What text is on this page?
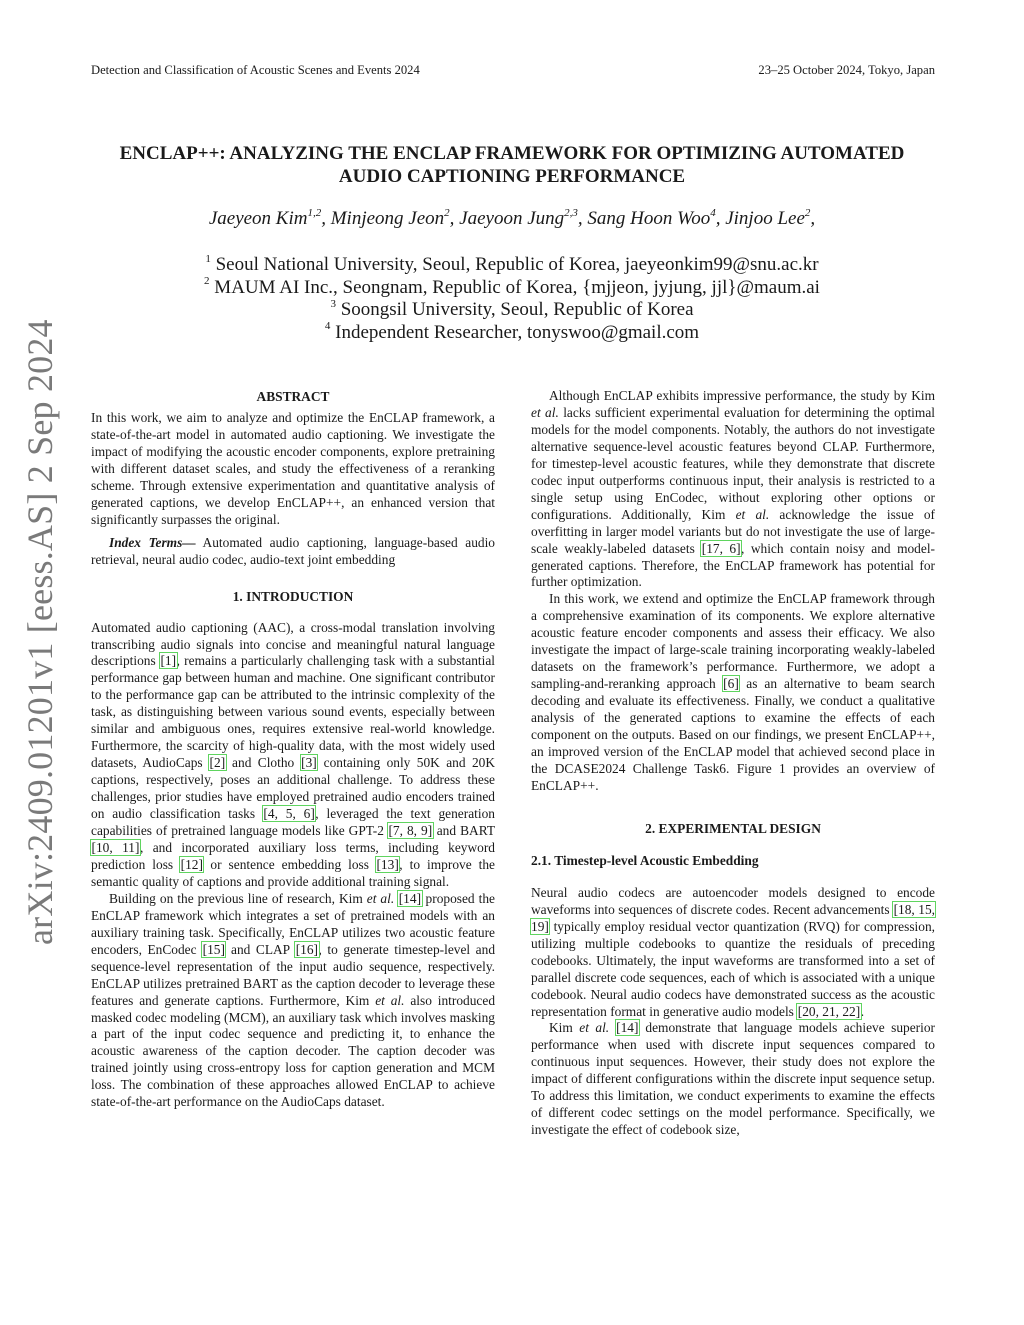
Detection and Classification of Acoustic Scenes and Events 2024	23–25 October 2024, Tokyo, Japan
arXiv:2409.01201v1 [eess.AS] 2 Sep 2024
ENCLAP++: ANALYZING THE ENCLAP FRAMEWORK FOR OPTIMIZING AUTOMATED
AUDIO CAPTIONING PERFORMANCE
Jaeyeon Kim$^{1,2}$, Minjeong Jeon$^2$, Jaeyoon Jung$^{2,3}$, Sang Hoon Woo$^4$, Jinjoo Lee$^2$,
$^1$ Seoul National University, Seoul, Republic of Korea, jaeyeonkim99@snu.ac.kr
$^2$ MAUM AI Inc., Seongnam, Republic of Korea, {mjjeon, jyjung, jjl}@maum.ai
$^3$ Soongsil University, Seoul, Republic of Korea
$^4$ Independent Researcher, tonyswoo@gmail.com
ABSTRACT

In this work, we aim to analyze and optimize the EnCLAP framework, a state-of-the-art model in automated audio captioning. We investigate the impact of modifying the acoustic encoder components, explore pretraining with different dataset scales, and study the effectiveness of a reranking scheme. Through extensive experimentation and quantitative analysis of generated captions, we develop EnCLAP++, an enhanced version that significantly surpasses the original.

Index Terms— Automated audio captioning, language-based audio retrieval, neural audio codec, audio-text joint embedding

1. INTRODUCTION

Automated audio captioning (AAC), a cross-modal translation involving transcribing audio signals into concise and meaningful natural language descriptions [1], remains a particularly challenging task with a substantial performance gap between human and machine. One significant contributor to the performance gap can be attributed to the intrinsic complexity of the task, as distinguishing between various sound events, especially between similar and ambiguous ones, requires extensive real-world knowledge. Furthermore, the scarcity of high-quality data, with the most widely used datasets, AudioCaps [2] and Clotho [3] containing only 50K and 20K captions, respectively, poses an additional challenge. To address these challenges, prior studies have employed pretrained audio encoders trained on audio classification tasks [4, 5, 6], leveraged the text generation capabilities of pretrained language models like GPT-2 [7, 8, 9] and BART [10, 11], and incorporated auxiliary loss terms, including keyword prediction loss [12] or sentence embedding loss [13], to improve the semantic quality of captions and provide additional training signal.

Building on the previous line of research, Kim et al. [14] proposed the EnCLAP framework which integrates a set of pretrained models with an auxiliary training task. Specifically, EnCLAP utilizes two acoustic feature encoders, EnCodec [15] and CLAP [16], to generate timestep-level and sequence-level representation of the input audio sequence, respectively. EnCLAP utilizes pretrained BART as the caption decoder to leverage these features and generate captions. Furthermore, Kim et al. also introduced masked codec modeling (MCM), an auxiliary task which involves masking a part of the input codec sequence and predicting it, to enhance the acoustic awareness of the caption decoder. The caption decoder was trained jointly using cross-entropy loss for caption generation and MCM loss. The combination of these approaches allowed EnCLAP to achieve state-of-the-art performance on the AudioCaps dataset.

Although EnCLAP exhibits impressive performance, the study by Kim et al. lacks sufficient experimental evaluation for determining the optimal models for the model components. Notably, the authors do not investigate alternative sequence-level acoustic features beyond CLAP. Furthermore, for timestep-level acoustic features, while they demonstrate that discrete codec input outperforms continuous input, their analysis is restricted to a single setup using EnCodec, without exploring other options or configurations. Additionally, Kim et al. acknowledge the issue of overfitting in larger model variants but do not investigate the use of large-scale weakly-labeled datasets [17, 6], which contain noisy and model-generated captions. Therefore, the EnCLAP framework has potential for further optimization.

In this work, we extend and optimize the EnCLAP framework through a comprehensive examination of its components. We explore alternative acoustic feature encoder components and assess their efficacy. We also investigate the impact of large-scale training incorporating weakly-labeled datasets on the framework’s performance. Furthermore, we adopt a sampling-and-reranking approach [6] as an alternative to beam search decoding and evaluate its effectiveness. Finally, we conduct a qualitative analysis of the generated captions to examine the effects of each component on the outputs. Based on our findings, we present EnCLAP++, an improved version of the EnCLAP model that achieved second place in the DCASE2024 Challenge Task6. Figure 1 provides an overview of EnCLAP++.

2. EXPERIMENTAL DESIGN
2.1. Timestep-level Acoustic Embedding

Neural audio codecs are autoencoder models designed to encode waveforms into sequences of discrete codes. Recent advancements [18, 15, 19] typically employ residual vector quantization (RVQ) for compression, utilizing multiple codebooks to quantize the residuals of preceding codebooks. Ultimately, the input waveforms are transformed into a set of parallel discrete code sequences, each of which is associated with a unique codebook. Neural audio codecs have demonstrated success as the acoustic representation format in generative audio models [20, 21, 22].

Kim et al. [14] demonstrate that language models achieve superior performance when used with discrete input sequences compared to continuous input sequences. However, their study does not explore the impact of different configurations within the discrete input sequence setup. To address this limitation, we conduct experiments to examine the effects of different codec settings on the model performance. Specifically, we investigate the effect of codebook size,
